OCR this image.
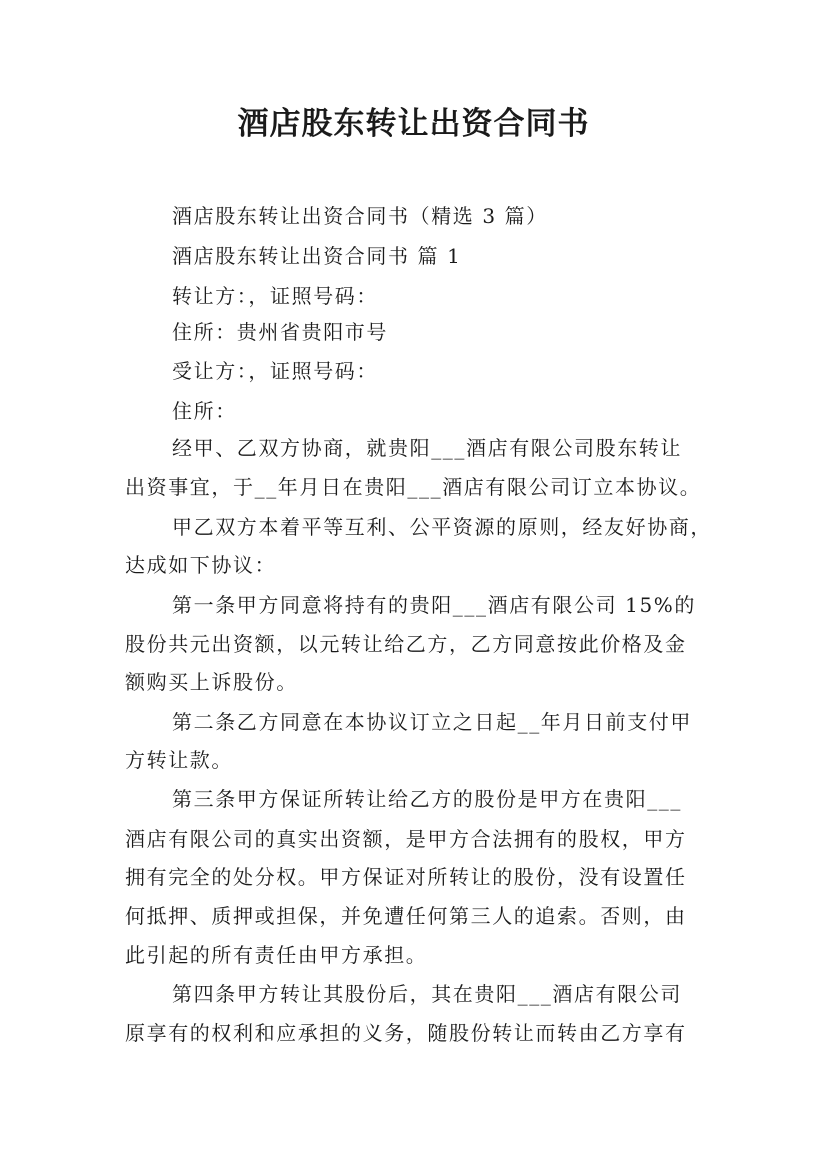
酒店股东转让出资合同书
酒店股东转让出资合同书（精选 3 篇）
酒店股东转让出资合同书 篇 1
转让方：，证照号码：
住所：贵州省贵阳市号
受让方：，证照号码：
住所：
经甲、乙双方协商，就贵阳___酒店有限公司股东转让
出资事宜，于__年月日在贵阳___酒店有限公司订立本协议。
甲乙双方本着平等互利、公平资源的原则，经友好协商，
达成如下协议：
第一条甲方同意将持有的贵阳___酒店有限公司 15%的
股份共元出资额，以元转让给乙方，乙方同意按此价格及金
额购买上诉股份。
第二条乙方同意在本协议订立之日起__年月日前支付甲
方转让款。
第三条甲方保证所转让给乙方的股份是甲方在贵阳___
酒店有限公司的真实出资额，是甲方合法拥有的股权，甲方
拥有完全的处分权。甲方保证对所转让的股份，没有设置任
何抵押、质押或担保，并免遭任何第三人的追索。否则，由
此引起的所有责任由甲方承担。
第四条甲方转让其股份后，其在贵阳___酒店有限公司
原享有的权利和应承担的义务，随股份转让而转由乙方享有
